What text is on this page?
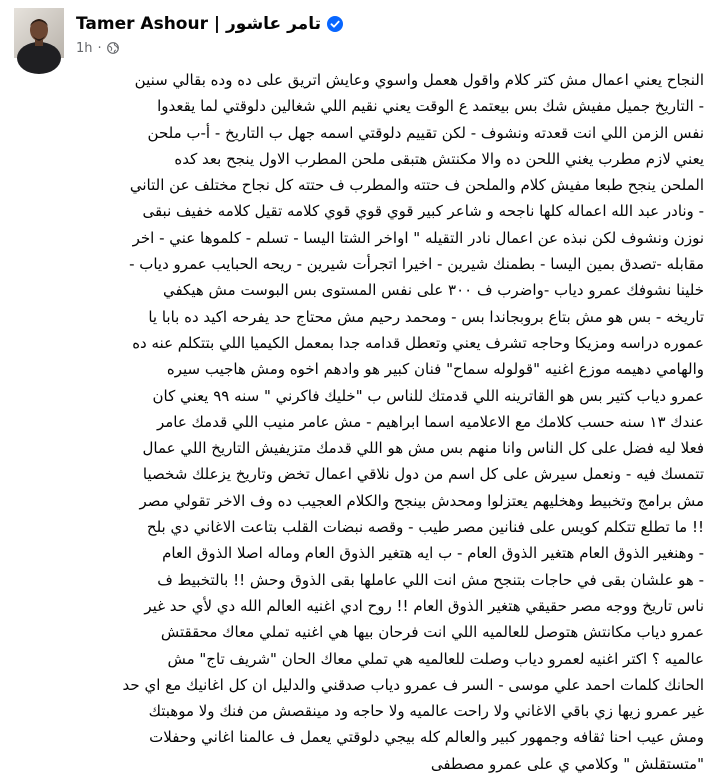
Tamer Ashour | تامر عاشور
1h ·
النجاح يعني اعمال مش كتر كلام واقول هعمل واسوي وعايش اتريق على ده وده بقالي سنين
- التاريخ جميل مفيش شك بس بيعتمد ع الوقت يعني نقيم اللي شغالين دلوقتي لما يقعدوا
نفس الزمن اللي انت قعدته ونشوف - لكن تقييم دلوقتي اسمه جهل ب التاريخ - أ-ب ملحن
يعني لازم مطرب يغني اللحن ده والا مكنتش هتبقى ملحن المطرب الاول ينجح بعد كده
الملحن ينجح طبعا مفيش كلام والملحن ف حتته والمطرب ف حتته كل نجاح مختلف عن التاني
- ونادر عبد الله اعماله كلها ناجحه و شاعر كبير قوي قوي قوي كلامه تقيل كلامه خفيف نبقى
نوزن ونشوف لكن نبذه عن اعمال نادر التقيله " اواخر الشتا اليسا - تسلم - كلموها عني - اخر
مقابله -تصدق بمين اليسا - بطمنك شيرين - اخيرا اتجرأت شيرين - ريحه الحبايب عمرو دياب -
خلينا نشوفك عمرو دياب -واضرب ف ٣٠٠ على نفس المستوى بس البوست مش هيكفي
تاريخه - بس هو مش بتاع بروبجاندا بس - ومحمد رحيم مش محتاج حد يفرحه اكيد ده بابا يا
عموره دراسه ومزيكا وحاجه تشرف يعني وتعطل قدامه جدا بمعمل الكيميا اللي بتتكلم عنه ده
والهامي دهيمه موزع اغنيه "قولوله سماح" فنان كبير هو وادهم اخوه ومش هاجيب سيره
عمرو دياب كتير بس هو القاترينه اللي قدمتك للناس ب "خليك فاكرني " سنه ٩٩ يعني كان
عندك ١٣ سنه حسب كلامك مع الاعلاميه اسما ابراهيم - مش عامر منيب اللي قدمك عامر
فعلا ليه فضل على كل الناس وانا منهم بس مش هو اللي قدمك متزيفيش التاريخ اللي عمال
تتمسك فيه - ونعمل سيرش على كل اسم من دول نلاقي اعمال تخض وتاريخ يزعلك شخصيا
مش برامج وتخبيط وهخليهم يعتزلوا ومحدش بينجح والكلام العجيب ده وف الاخر تقولي مصر
!! ما تطلع تتكلم كويس على فنانين مصر طيب - وقصه نبضات القلب بتاعت الاغاني دي بلح
- وهنغير الذوق العام هتغير الذوق العام - ب ايه هتغير الذوق العام وماله اصلا الذوق العام
- هو علشان بقى في حاجات بتنجح مش انت اللي عاملها بقى الذوق وحش !! بالتخبيط ف
ناس تاريخ ووجه مصر حقيقي هتغير الذوق العام !! روح ادي اغنيه العالم الله دي لأي حد غير
عمرو دياب مكانتش هتوصل للعالميه اللي انت فرحان بيها هي اغنيه تملي معاك محققتش
عالميه ؟ اكتر اغنيه لعمرو دياب وصلت للعالميه هي تملي معاك الحان "شريف تاج" مش
الحانك كلمات احمد علي موسى - السر ف عمرو دياب صدقني والدليل ان كل اغانيك مع اي حد
غير عمرو زيها زي باقي الاغاني ولا راحت عالميه ولا حاجه ود مينقصش من فنك ولا موهبتك
ومش عيب احنا ثقافه وجمهور كبير والعالم كله بيجي دلوقتي يعمل ف عالمنا اغاني وحفلات
"متستقلش " وكلامي ي على عمرو مصطفى
